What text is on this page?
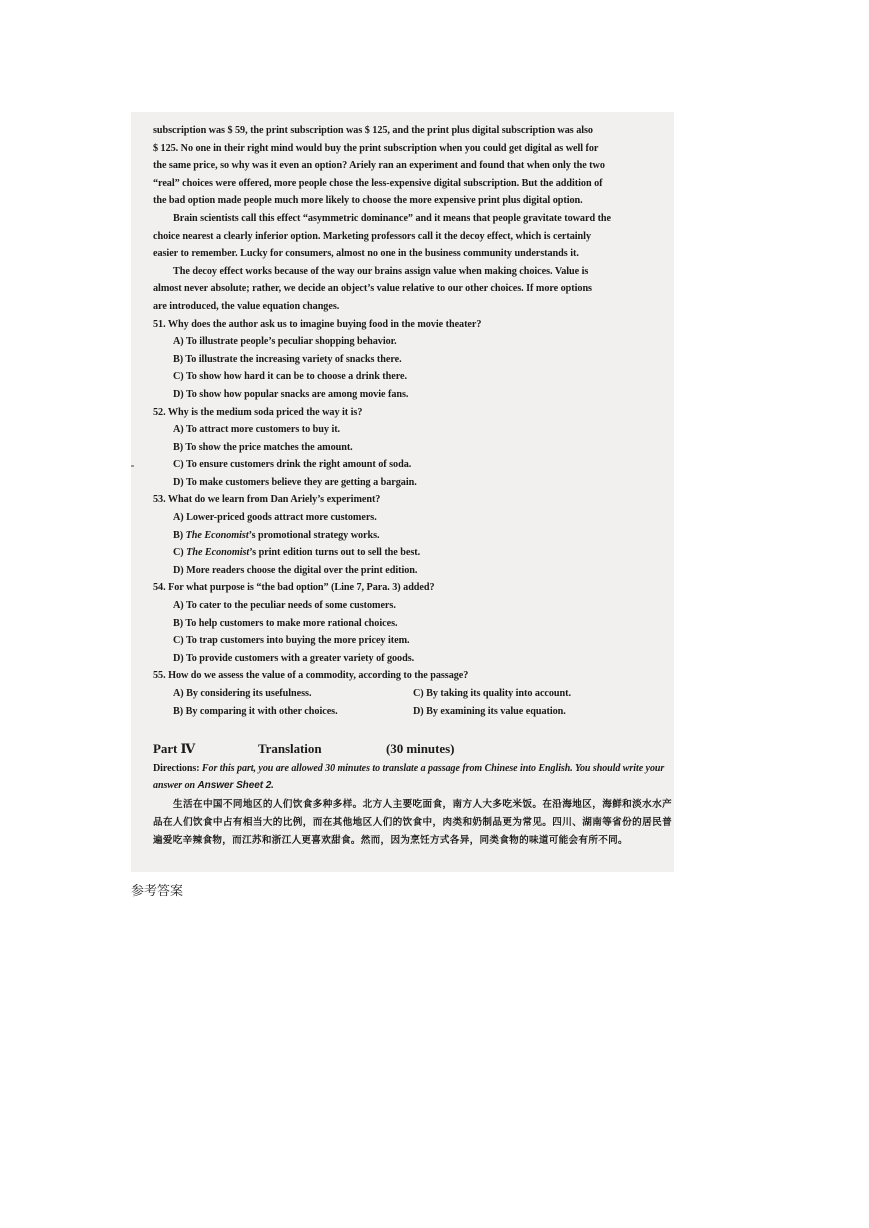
subscription was $ 59, the print subscription was $ 125, and the print plus digital subscription was also
$ 125. No one in their right mind would buy the print subscription when you could get digital as well for
the same price, so why was it even an option? Ariely ran an experiment and found that when only the two
“real” choices were offered, more people chose the less-expensive digital subscription. But the addition of
the bad option made people much more likely to choose the more expensive print plus digital option.
Brain scientists call this effect “asymmetric dominance” and it means that people gravitate toward the
choice nearest a clearly inferior option. Marketing professors call it the decoy effect, which is certainly
easier to remember. Lucky for consumers, almost no one in the business community understands it.
The decoy effect works because of the way our brains assign value when making choices. Value is
almost never absolute; rather, we decide an object’s value relative to our other choices. If more options
are introduced, the value equation changes.

51. Why does the author ask us to imagine buying food in the movie theater?

A) To illustrate people’s peculiar shopping behavior.

B) To illustrate the increasing variety of snacks there.

C) To show how hard it can be to choose a drink there.

D) To show how popular snacks are among movie fans.

52. Why is the medium soda priced the way it is?

A) To attract more customers to buy it.

B) To show the price matches the amount.

C) To ensure customers drink the right amount of soda.

D) To make customers believe they are getting a bargain.

53. What do we learn from Dan Ariely’s experiment?

A) Lower-priced goods attract more customers.

B) The Economist’s promotional strategy works.

C) The Economist’s print edition turns out to sell the best.

D) More readers choose the digital over the print edition.

54. For what purpose is “the bad option” (Line 7, Para. 3) added?

A) To cater to the peculiar needs of some customers.

B) To help customers to make more rational choices.

C) To trap customers into buying the more pricey item.

D) To provide customers with a greater variety of goods.

55. How do we assess the value of a commodity, according to the passage?

A) By considering its usefulness.	C) By taking its quality into account.
B) By comparing it with other choices.	D) By examining its value equation.
Part Ⅳ	Translation	(30 minutes)

Directions: For this part, you are allowed 30 minutes to translate a passage from Chinese into English. You should write your answer on Answer Sheet 2.

生活在中国不同地区的人们饮食多种多样。北方人主要吃面食，南方人大多吃米饭。在沿海地区，海鲜和淡水水产品在人们饮食中占有相当大的比例，而在其他地区人们的饮食中，肉类和奶制品更为常见。四川、湖南等省份的居民普遍爱吃辛辣食物，而江苏和浙江人更喜欢甜食。然而，因为烹饪方式各异，同类食物的味道可能会有所不同。

参考答案
